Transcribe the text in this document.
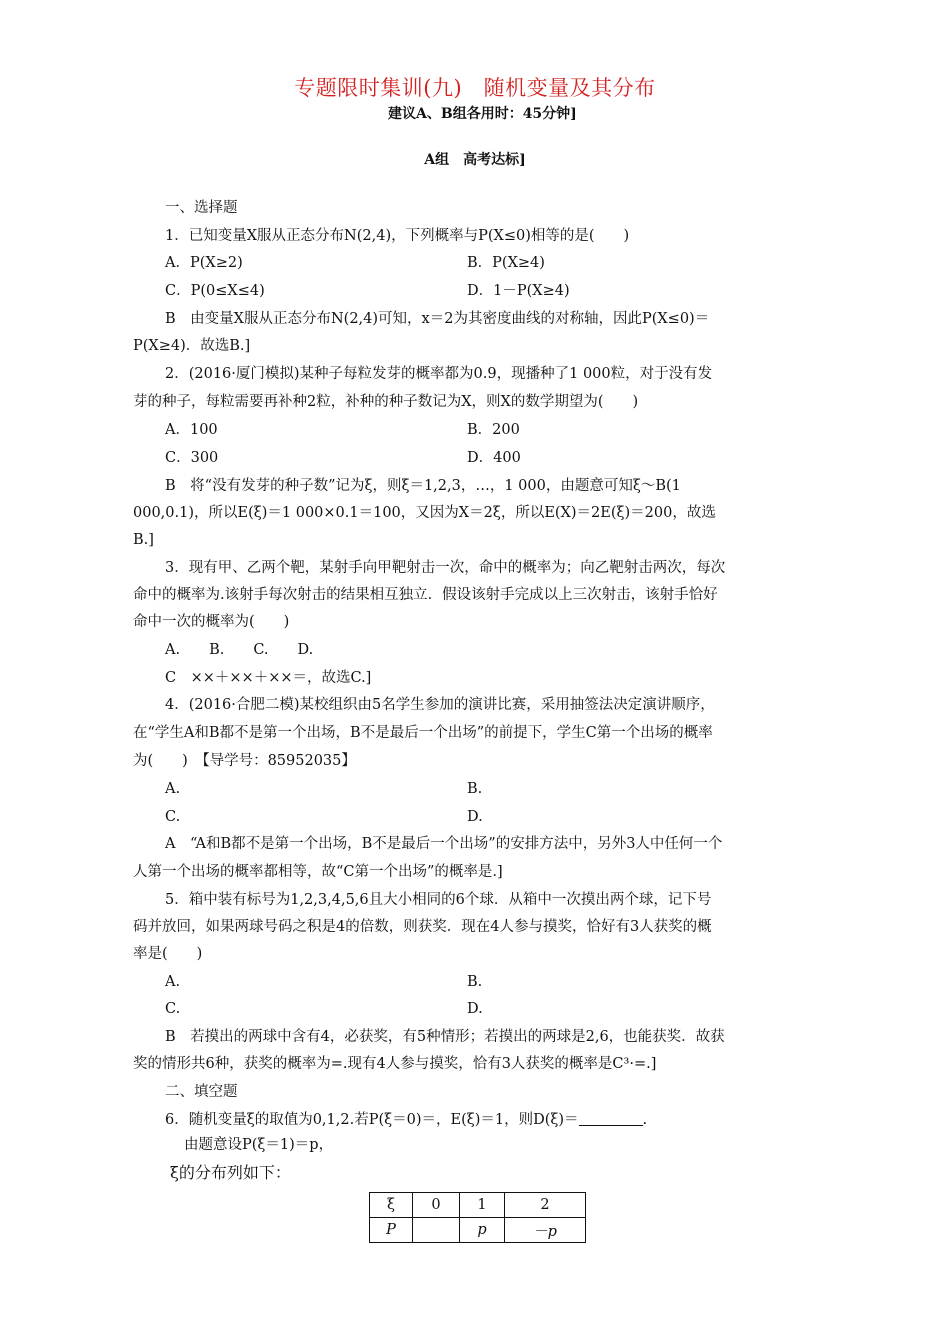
专题限时集训(九)　随机变量及其分布
建议A、B组各用时：45分钟]
A组　高考达标]
一、选择题
1．已知变量X服从正态分布N(2,4)，下列概率与P(X≤0)相等的是(　　)
A．P(X≥2)	B．P(X≥4)
C．P(0≤X≤4)	D．1－P(X≥4)
B　由变量X服从正态分布N(2,4)可知，x＝2为其密度曲线的对称轴，因此P(X≤0)＝
P(X≥4)．故选B.]
2．(2016·厦门模拟)某种子每粒发芽的概率都为0.9，现播种了1 000粒，对于没有发
芽的种子，每粒需要再补种2粒，补种的种子数记为X，则X的数学期望为(　　)
A．100	B．200
C．300	D．400
B　将“没有发芽的种子数”记为ξ，则ξ＝1,2,3，…，1 000，由题意可知ξ～B(1
000,0.1)，所以E(ξ)＝1 000×0.1＝100，又因为X＝2ξ，所以E(X)＝2E(ξ)＝200，故选
B.]
3．现有甲、乙两个靶，某射手向甲靶射击一次，命中的概率为；向乙靶射击两次，每次
命中的概率为.该射手每次射击的结果相互独立．假设该射手完成以上三次射击，该射手恰好
命中一次的概率为(　　)
A.　　B.　　C.　　D.
C　××＋××＋××＝，故选C.]
4．(2016·合肥二模)某校组织由5名学生参加的演讲比赛，采用抽签法决定演讲顺序，
在“学生A和B都不是第一个出场，B不是最后一个出场”的前提下，学生C第一个出场的概率
为(　　)　【导学号：85952035】
A.	B.
C.	D.
A　“A和B都不是第一个出场，B不是最后一个出场”的安排方法中，另外3人中任何一个
人第一个出场的概率都相等，故“C第一个出场”的概率是.]
5．箱中装有标号为1,2,3,4,5,6且大小相同的6个球．从箱中一次摸出两个球，记下号
码并放回，如果两球号码之积是4的倍数，则获奖．现在4人参与摸奖，恰好有3人获奖的概
率是(　　)
A.	B.
C.	D.
B　若摸出的两球中含有4，必获奖，有5种情形；若摸出的两球是2,6，也能获奖．故获
奖的情形共6种，获奖的概率为=.现有4人参与摸奖，恰有3人获奖的概率是C³·=.]
二、填空题
6．随机变量ξ的取值为0,1,2.若P(ξ＝0)＝，E(ξ)＝1，则D(ξ)＝	.
由题意设P(ξ＝1)＝p，
ξ的分布列如下：
ξ	0	1	2
P		p	－p
